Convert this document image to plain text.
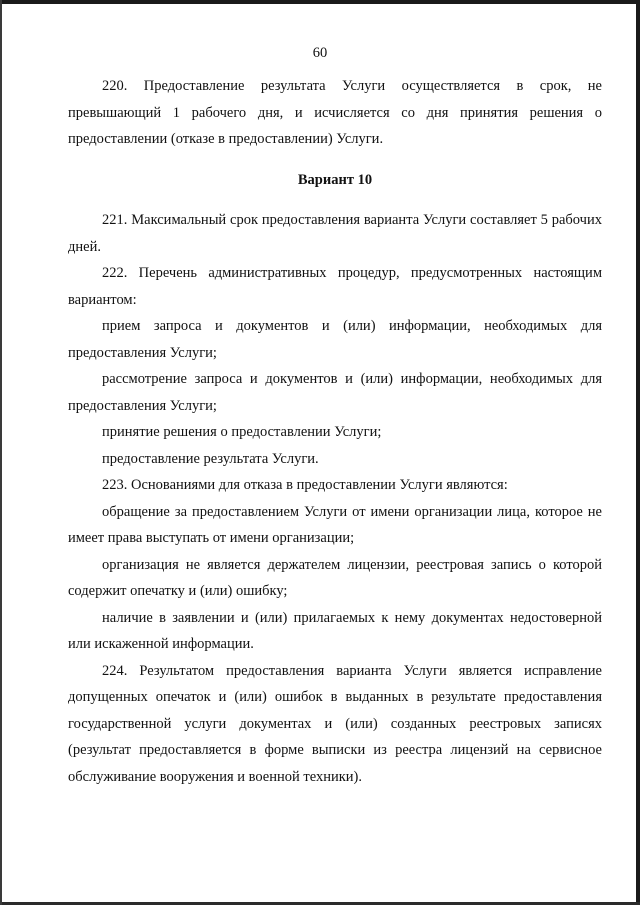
60

220. Предоставление результата Услуги осуществляется в срок, не превышающий 1 рабочего дня, и исчисляется со дня принятия решения о предоставлении (отказе в предоставлении) Услуги.

Вариант 10

221. Максимальный срок предоставления варианта Услуги составляет 5 рабочих дней.

222. Перечень административных процедур, предусмотренных настоящим вариантом:

прием запроса и документов и (или) информации, необходимых для предоставления Услуги;

рассмотрение запроса и документов и (или) информации, необходимых для предоставления Услуги;

принятие решения о предоставлении Услуги;

предоставление результата Услуги.

223. Основаниями для отказа в предоставлении Услуги являются:

обращение за предоставлением Услуги от имени организации лица, которое не имеет права выступать от имени организации;

организация не является держателем лицензии, реестровая запись о которой содержит опечатку и (или) ошибку;

наличие в заявлении и (или) прилагаемых к нему документах недостоверной или искаженной информации.

224. Результатом предоставления варианта Услуги является исправление допущенных опечаток и (или) ошибок в выданных в результате предоставления государственной услуги документах и (или) созданных реестровых записях (результат предоставляется в форме выписки из реестра лицензий на сервисное обслуживание вооружения и военной техники).
